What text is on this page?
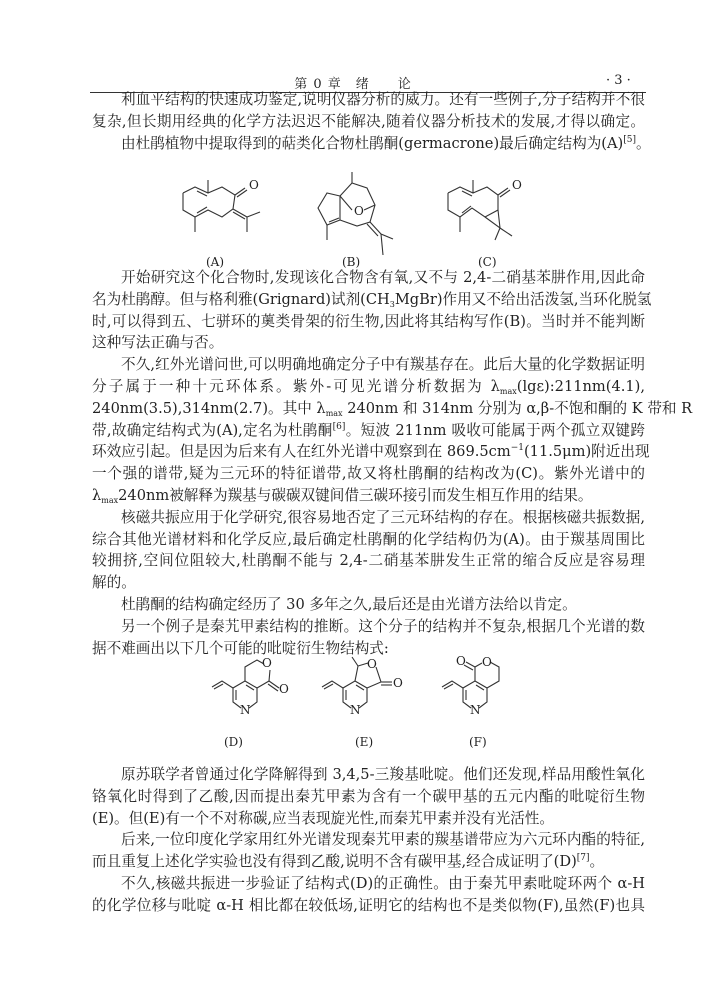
第 0 章　绪　　论	· 3 ·
利血平结构的快速成功鉴定,说明仪器分析的威力。还有一些例子,分子结构并不很
复杂,但长期用经典的化学方法迟迟不能解决,随着仪器分析技术的发展,才得以确定。
由杜鹃植物中提取得到的萜类化合物杜鹃酮(germacrone)最后确定结构为(A)[5]。
开始研究这个化合物时,发现该化合物含有氧,又不与 2,4-二硝基苯肼作用,因此命
名为杜鹃醇。但与格利雅(Grignard)试剂$(CH_3MgBr)$作用又不给出活泼氢,当环化脱氢
时,可以得到五、七骈环的薁类骨架的衍生物,因此将其结构写作(B)。当时并不能判断
这种写法正确与否。
不久,红外光谱问世,可以明确地确定分子中有羰基存在。此后大量的化学数据证明
分子属于一种十元环体系。紫外-可见光谱分析数据为 $\lambda_{max}(\lg\varepsilon):211nm(4.1)$,
240nm(3.5),314nm(2.7)。其中 $\lambda_{max}$ 240nm 和 314nm 分别为 α,β-不饱和酮的 K 带和 R
带,故确定结构式为(A),定名为杜鹃酮[6]。短波 211nm 吸收可能属于两个孤立双键跨
环效应引起。但是因为后来有人在红外光谱中观察到在 $869.5cm^{-1}(11.5\mu m)$附近出现
一个强的谱带,疑为三元环的特征谱带,故又将杜鹃酮的结构改为(C)。紫外光谱中的
$\lambda_{max}240nm$被解释为羰基与碳碳双键间借三碳环接引而发生相互作用的结果。
核磁共振应用于化学研究,很容易地否定了三元环结构的存在。根据核磁共振数据,
综合其他光谱材料和化学反应,最后确定杜鹃酮的化学结构仍为(A)。由于羰基周围比
较拥挤,空间位阻较大,杜鹃酮不能与 2,4-二硝基苯肼发生正常的缩合反应是容易理
解的。
杜鹃酮的结构确定经历了 30 多年之久,最后还是由光谱方法给以肯定。
另一个例子是秦艽甲素结构的推断。这个分子的结构并不复杂,根据几个光谱的数
据不难画出以下几个可能的吡啶衍生物结构式:
原苏联学者曾通过化学降解得到 3,4,5-三羧基吡啶。他们还发现,样品用酸性氧化
铬氧化时得到了乙酸,因而提出秦艽甲素为含有一个碳甲基的五元内酯的吡啶衍生物
(E)。但(E)有一个不对称碳,应当表现旋光性,而秦艽甲素并没有光活性。
后来,一位印度化学家用红外光谱发现秦艽甲素的羰基谱带应为六元环内酯的特征,
而且重复上述化学实验也没有得到乙酸,说明不含有碳甲基,经合成证明了(D)[7]。
不久,核磁共振进一步验证了结构式(D)的正确性。由于秦艽甲素吡啶环两个 α-H
的化学位移与吡啶 α-H 相比都在较低场,证明它的结构也不是类似物(F),虽然(F)也具
O
O
O
(A)	(B)	(C)
O
O
N
O
O
N
O O
N
(D)	(E)	(F)
